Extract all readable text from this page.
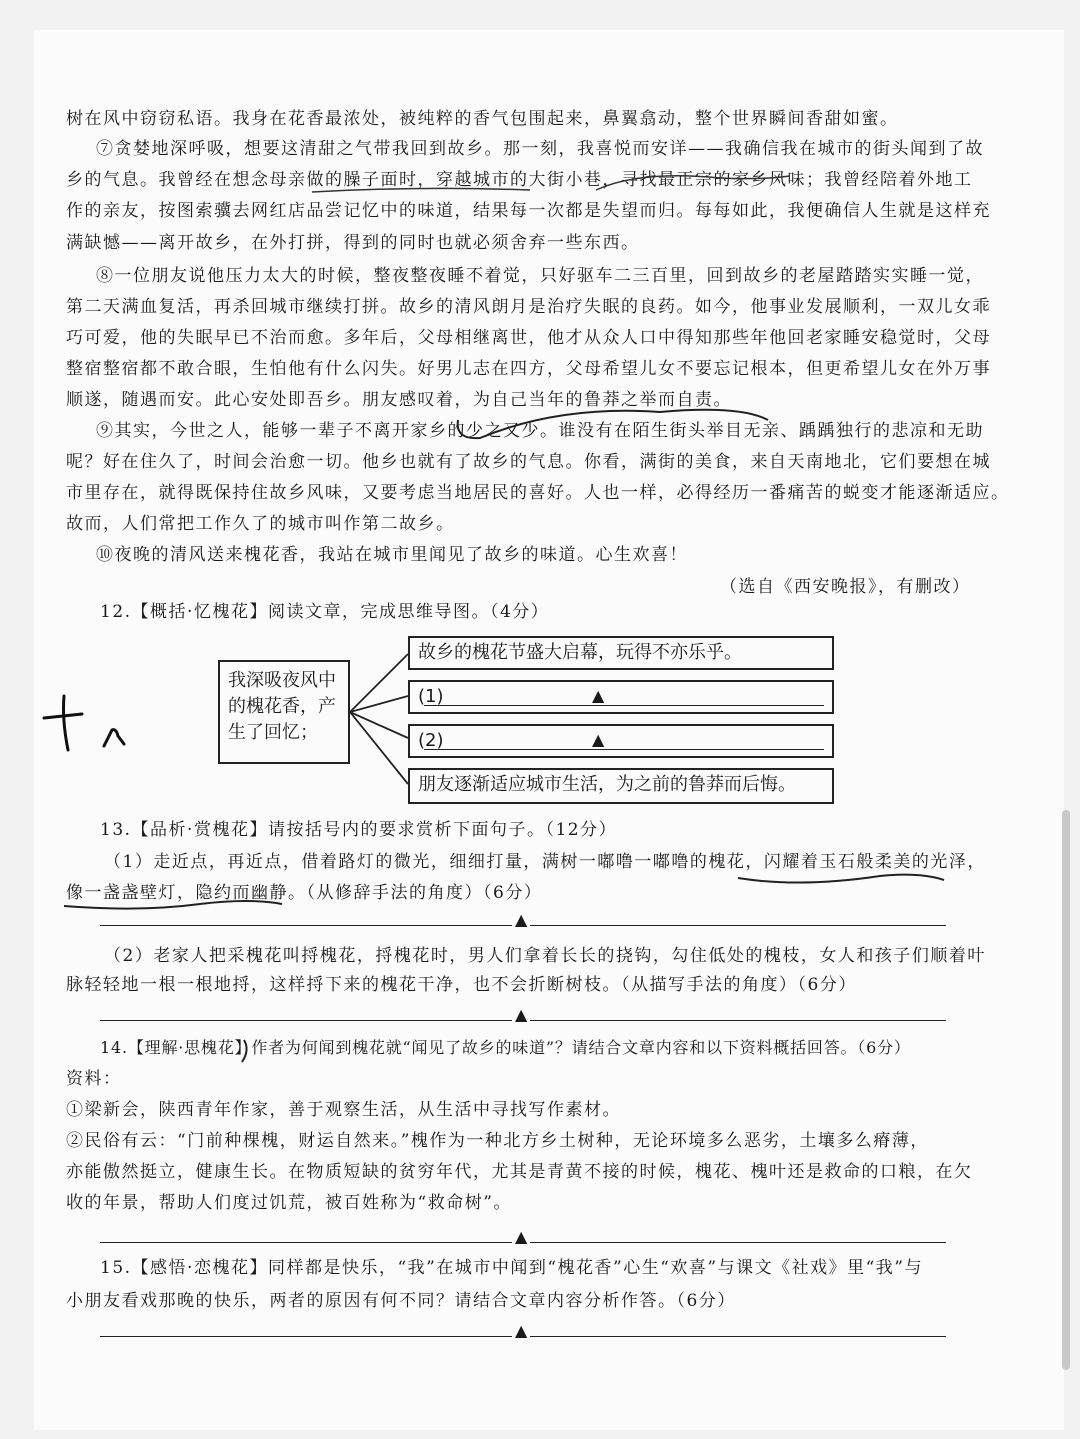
树在风中窃窃私语。我身在花香最浓处，被纯粹的香气包围起来，鼻翼翕动，整个世界瞬间香甜如蜜。
⑦贪婪地深呼吸，想要这清甜之气带我回到故乡。那一刻，我喜悦而安详——我确信我在城市的街头闻到了故
乡的气息。我曾经在想念母亲做的臊子面时，穿越城市的大街小巷，寻找最正宗的家乡风味；我曾经陪着外地工
作的亲友，按图索骥去网红店品尝记忆中的味道，结果每一次都是失望而归。每每如此，我便确信人生就是这样充
满缺憾——离开故乡，在外打拼，得到的同时也就必须舍弃一些东西。
⑧一位朋友说他压力太大的时候，整夜整夜睡不着觉，只好驱车二三百里，回到故乡的老屋踏踏实实睡一觉，
第二天满血复活，再杀回城市继续打拼。故乡的清风朗月是治疗失眠的良药。如今，他事业发展顺利，一双儿女乖
巧可爱，他的失眠早已不治而愈。多年后，父母相继离世，他才从众人口中得知那些年他回老家睡安稳觉时，父母
整宿整宿都不敢合眼，生怕他有什么闪失。好男儿志在四方，父母希望儿女不要忘记根本，但更希望儿女在外万事
顺遂，随遇而安。此心安处即吾乡。朋友感叹着，为自己当年的鲁莽之举而自责。
⑨其实，今世之人，能够一辈子不离开家乡的少之又少。谁没有在陌生街头举目无亲、踽踽独行的悲凉和无助
呢？好在住久了，时间会治愈一切。他乡也就有了故乡的气息。你看，满街的美食，来自天南地北，它们要想在城
市里存在，就得既保持住故乡风味，又要考虑当地居民的喜好。人也一样，必得经历一番痛苦的蜕变才能逐渐适应。
故而，人们常把工作久了的城市叫作第二故乡。
⑩夜晚的清风送来槐花香，我站在城市里闻见了故乡的味道。心生欢喜！
（选自《西安晚报》，有删改）
12.【概括·忆槐花】阅读文章，完成思维导图。（4分）
我深吸夜风中
的槐花香，产
生了回忆；
故乡的槐花节盛大启幕，玩得不亦乐乎。
(1)	▲
(2)	▲
朋友逐渐适应城市生活，为之前的鲁莽而后悔。
13.【品析·赏槐花】请按括号内的要求赏析下面句子。（12分）
（1）走近点，再近点，借着路灯的微光，细细打量，满树一嘟噜一嘟噜的槐花，闪耀着玉石般柔美的光泽，
像一盏盏壁灯，隐约而幽静。（从修辞手法的角度）（6分）
▲
（2）老家人把采槐花叫捋槐花，捋槐花时，男人们拿着长长的挠钩，勾住低处的槐枝，女人和孩子们顺着叶
脉轻轻地一根一根地捋，这样捋下来的槐花干净，也不会折断树枝。（从描写手法的角度）（6分）
▲
14.【理解·思槐花】作者为何闻到槐花就“闻见了故乡的味道”？请结合文章内容和以下资料概括回答。（6分）
资料：
①梁新会，陕西青年作家，善于观察生活，从生活中寻找写作素材。
②民俗有云：“门前种棵槐，财运自然来。”槐作为一种北方乡土树种，无论环境多么恶劣，土壤多么瘠薄，
亦能傲然挺立，健康生长。在物质短缺的贫穷年代，尤其是青黄不接的时候，槐花、槐叶还是救命的口粮，在欠
收的年景，帮助人们度过饥荒，被百姓称为“救命树”。
▲
15.【感悟·恋槐花】同样都是快乐，“我”在城市中闻到“槐花香”心生“欢喜”与课文《社戏》里“我”与
小朋友看戏那晚的快乐，两者的原因有何不同？请结合文章内容分析作答。（6分）
▲
